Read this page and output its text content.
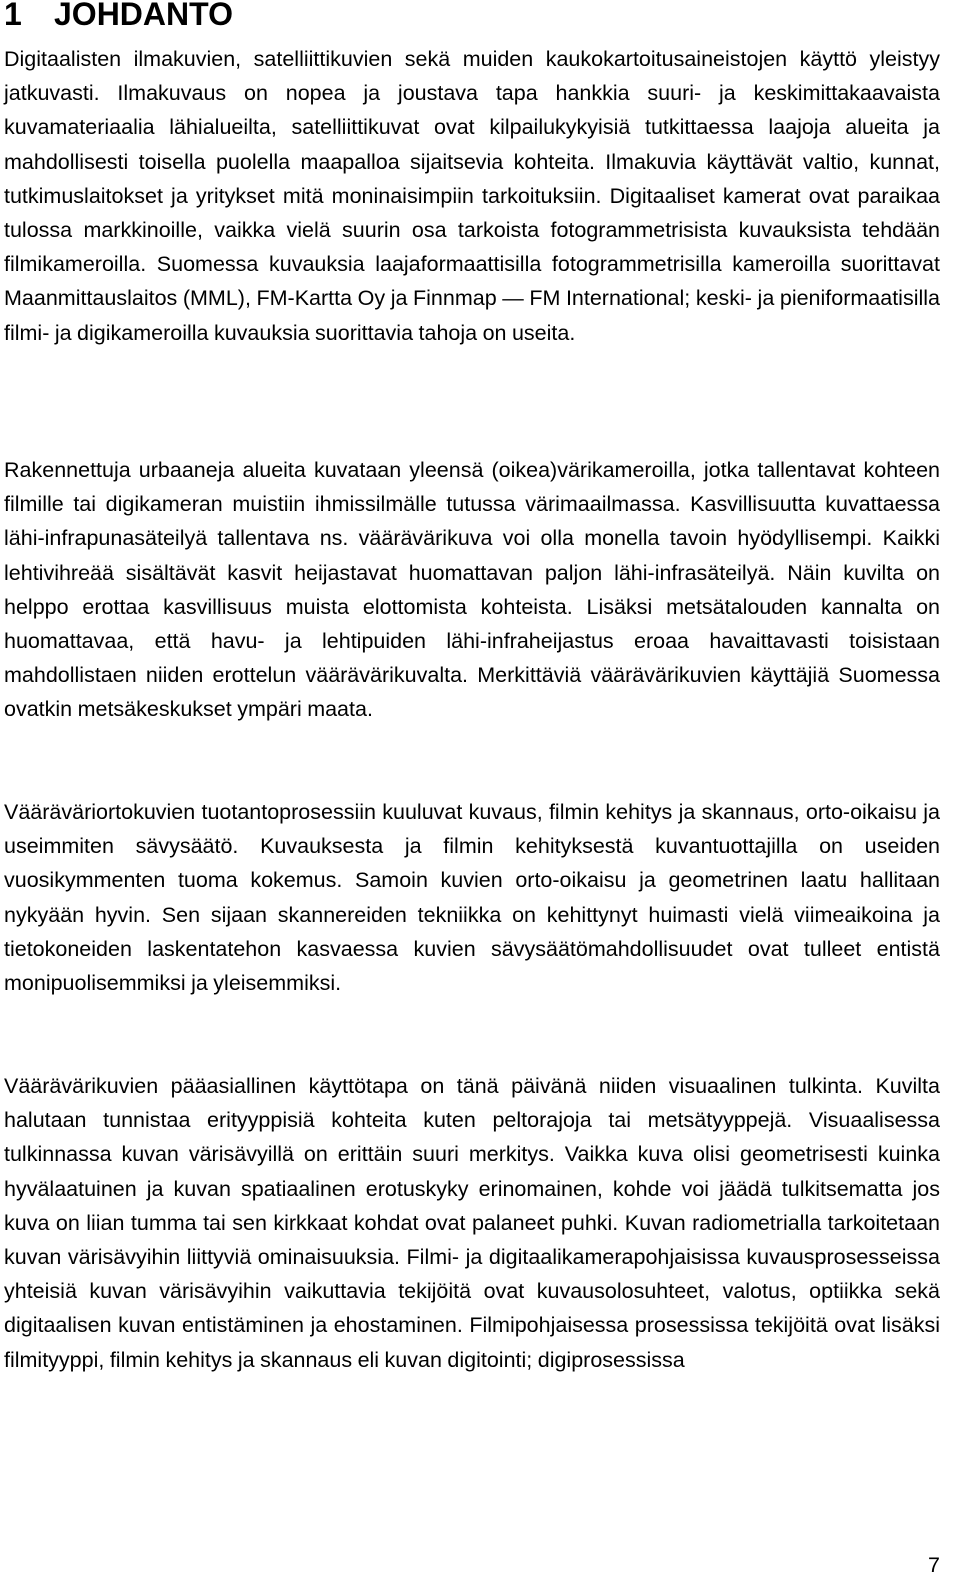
1 JOHDANTO

Digitaalisten ilmakuvien, satelliittikuvien sekä muiden kaukokartoitusaineistojen käyttö yleistyy jatkuvasti. Ilmakuvaus on nopea ja joustava tapa hankkia suuri- ja keskimittakaavaista kuvamateriaalia lähialueilta, satelliittikuvat ovat kilpailukykyisiä tutkittaessa laajoja alueita ja mahdollisesti toisella puolella maapalloa sijaitsevia kohteita. Ilmakuvia käyttävät valtio, kunnat, tutkimuslaitokset ja yritykset mitä moninaisimpiin tarkoituksiin. Digitaaliset kamerat ovat paraikaa tulossa markkinoille, vaikka vielä suurin osa tarkoista fotogrammetrisista kuvauksista tehdään filmikameroilla. Suomessa kuvauksia laajaformaattisilla fotogrammetrisilla kameroilla suorittavat Maanmittauslaitos (MML), FM-Kartta Oy ja Finnmap — FM International; keski- ja pieniformaatisilla filmi- ja digikameroilla kuvauksia suorittavia tahoja on useita.

Rakennettuja urbaaneja alueita kuvataan yleensä (oikea)värikameroilla, jotka tallentavat kohteen filmille tai digikameran muistiin ihmissilmälle tutussa värimaailmassa. Kasvillisuutta kuvattaessa lähi-infrapunasäteilyä tallentava ns. väärävärikuva voi olla monella tavoin hyödyllisempi. Kaikki lehtivihreää sisältävät kasvit heijastavat huomattavan paljon lähi-infrasäteilyä. Näin kuvilta on helppo erottaa kasvillisuus muista elottomista kohteista. Lisäksi metsätalouden kannalta on huomattavaa, että havu- ja lehtipuiden lähi-infraheijastus eroaa havaittavasti toisistaan mahdollistaen niiden erottelun väärävärikuvalta. Merkittäviä väärävärikuvien käyttäjiä Suomessa ovatkin metsäkeskukset ympäri maata.

Vääräväriortokuvien tuotantoprosessiin kuuluvat kuvaus, filmin kehitys ja skannaus, orto-oikaisu ja useimmiten sävysäätö. Kuvauksesta ja filmin kehityksestä kuvantuottajilla on useiden vuosikymmenten tuoma kokemus. Samoin kuvien orto-oikaisu ja geometrinen laatu hallitaan nykyään hyvin. Sen sijaan skannereiden tekniikka on kehittynyt huimasti vielä viimeaikoina ja tietokoneiden laskentatehon kasvaessa kuvien sävysäätömahdollisuudet ovat tulleet entistä monipuolisemmiksi ja yleisemmiksi.

Väärävärikuvien pääasiallinen käyttötapa on tänä päivänä niiden visuaalinen tulkinta. Kuvilta halutaan tunnistaa erityyppisiä kohteita kuten peltorajoja tai metsätyyppejä. Visuaalisessa tulkinnassa kuvan värisävyillä on erittäin suuri merkitys. Vaikka kuva olisi geometrisesti kuinka hyvälaatuinen ja kuvan spatiaalinen erotuskyky erinomainen, kohde voi jäädä tulkitsematta jos kuva on liian tumma tai sen kirkkaat kohdat ovat palaneet puhki. Kuvan radiometrialla tarkoitetaan kuvan värisävyihin liittyviä ominaisuuksia. Filmi- ja digitaalikamerapohjaisissa kuvausprosesseissa yhteisiä kuvan värisävyihin vaikuttavia tekijöitä ovat kuvausolosuhteet, valotus, optiikka sekä digitaalisen kuvan entistäminen ja ehostaminen. Filmipohjaisessa prosessissa tekijöitä ovat lisäksi filmityyppi, filmin kehitys ja skannaus eli kuvan digitointi; digiprosessissa

7
